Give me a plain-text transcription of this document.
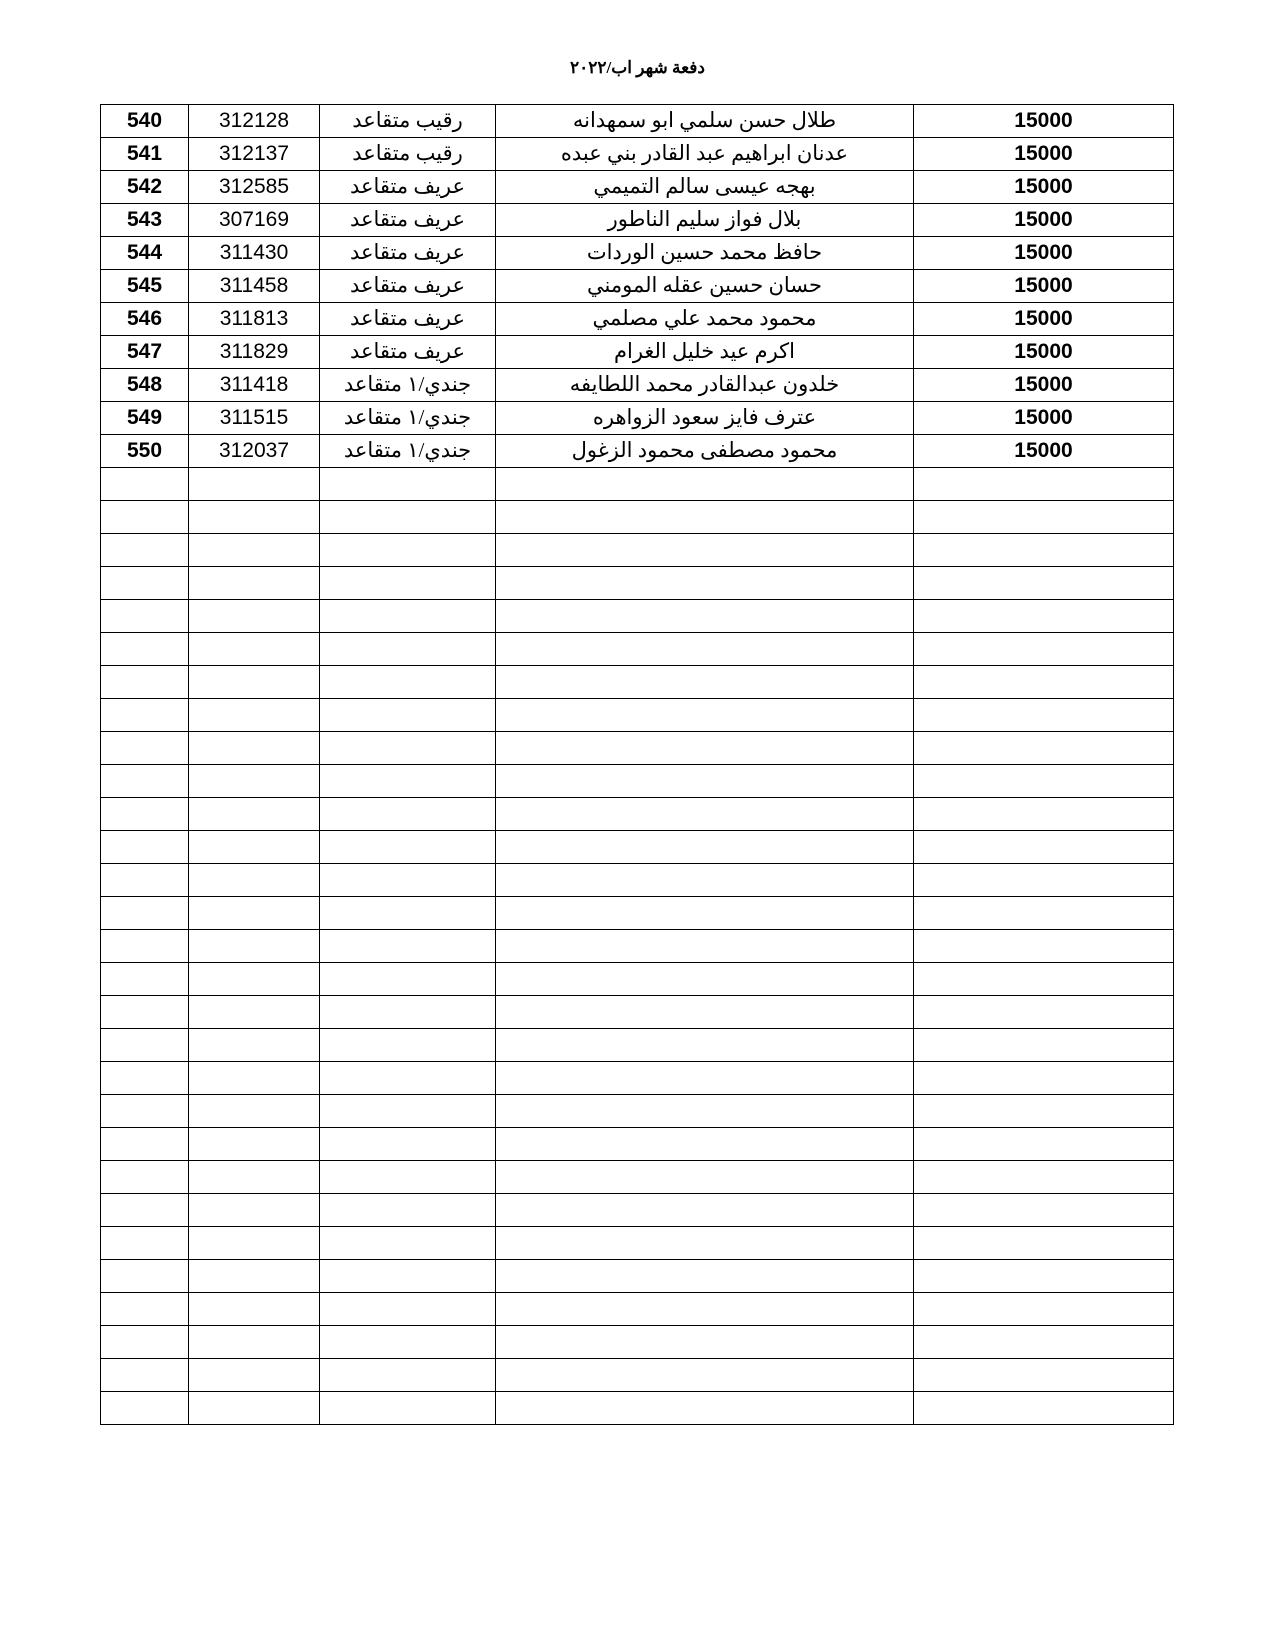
دفعة شهر اب/٢٠٢٢
15000	طلال حسن سلمي ابو سمهدانه	رقيب متقاعد	312128	540
15000	عدنان ابراهيم عبد القادر بني عبده	رقيب متقاعد	312137	541
15000	بهجه عيسى سالم التميمي	عريف متقاعد	312585	542
15000	بلال فواز سليم الناطور	عريف متقاعد	307169	543
15000	حافظ محمد حسين الوردات	عريف متقاعد	311430	544
15000	حسان حسين عقله المومني	عريف متقاعد	311458	545
15000	محمود محمد علي مصلمي	عريف متقاعد	311813	546
15000	اكرم عيد خليل الغرام	عريف متقاعد	311829	547
15000	خلدون عبدالقادر محمد اللطايفه	جندي/١ متقاعد	311418	548
15000	عترف فايز سعود الزواهره	جندي/١ متقاعد	311515	549
15000	محمود مصطفى محمود الزغول	جندي/١ متقاعد	312037	550
